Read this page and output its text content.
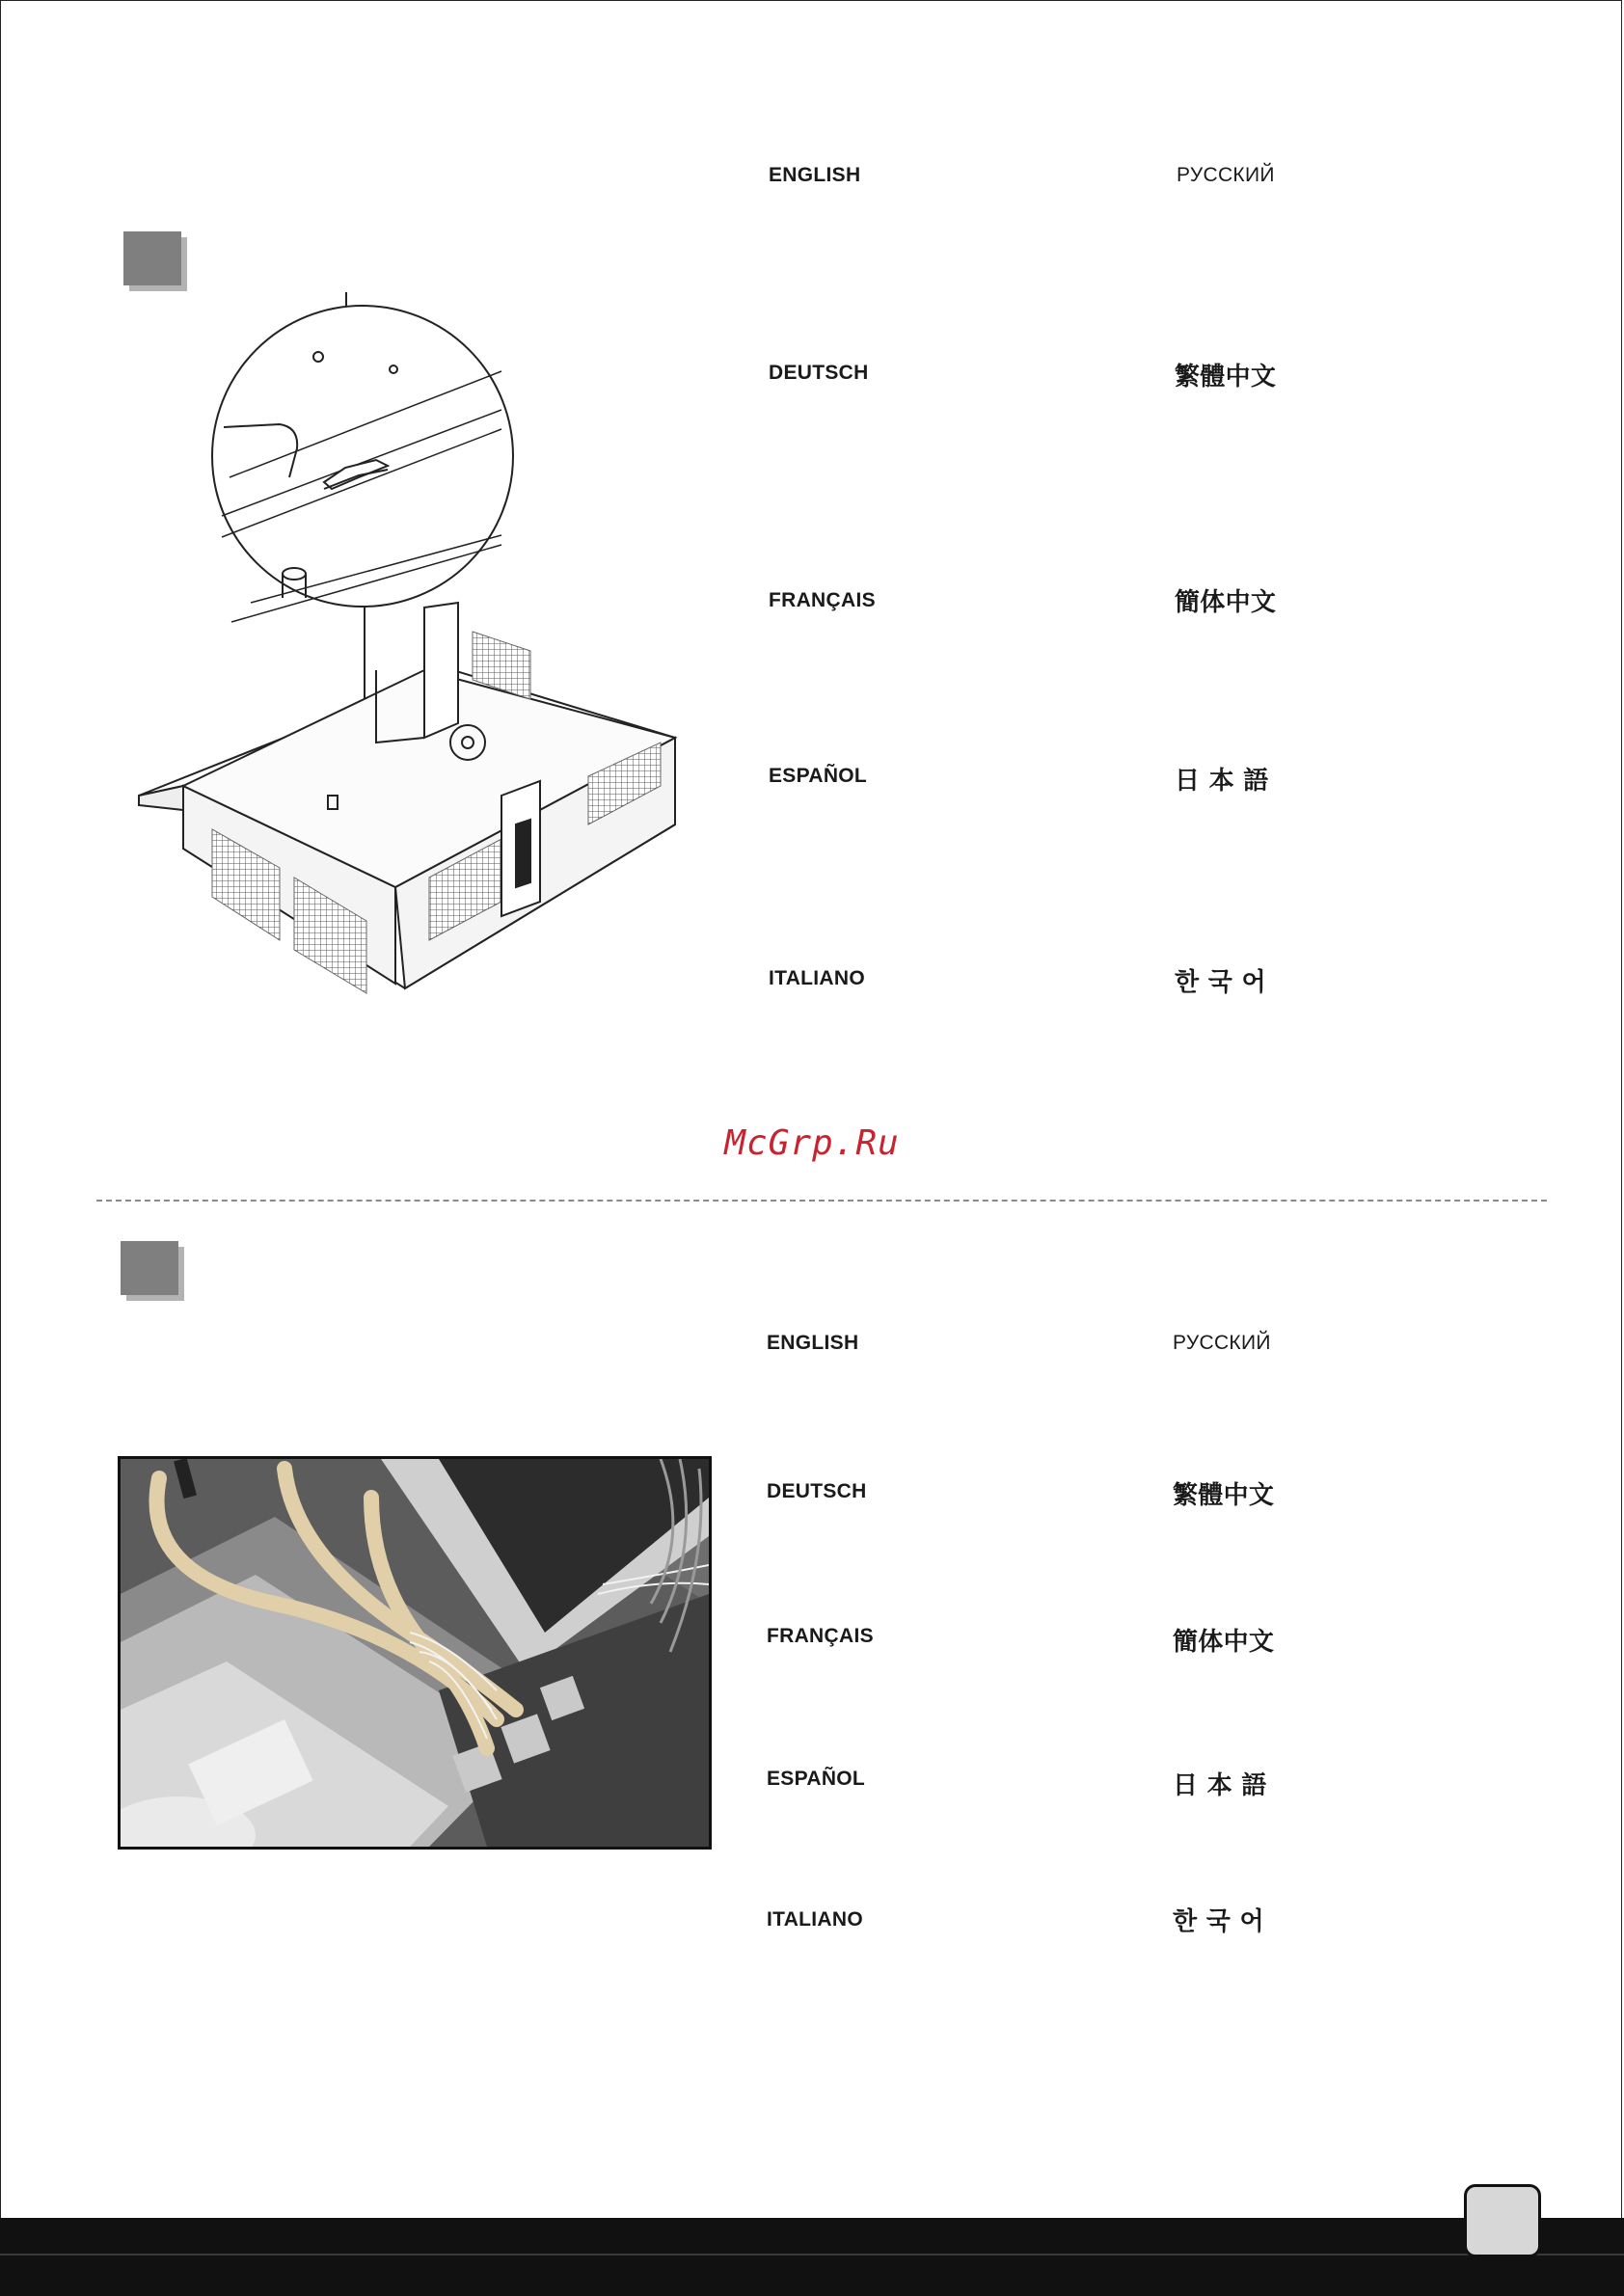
ENGLISH
DEUTSCH
FRANÇAIS
ESPAÑOL
ITALIANO
РУССКИЙ
繁體中文
簡体中文
日 本 語
한 국 어
McGrp.Ru
ENGLISH
DEUTSCH
FRANÇAIS
ESPAÑOL
ITALIANO
РУССКИЙ
繁體中文
簡体中文
日 本 語
한 국 어
